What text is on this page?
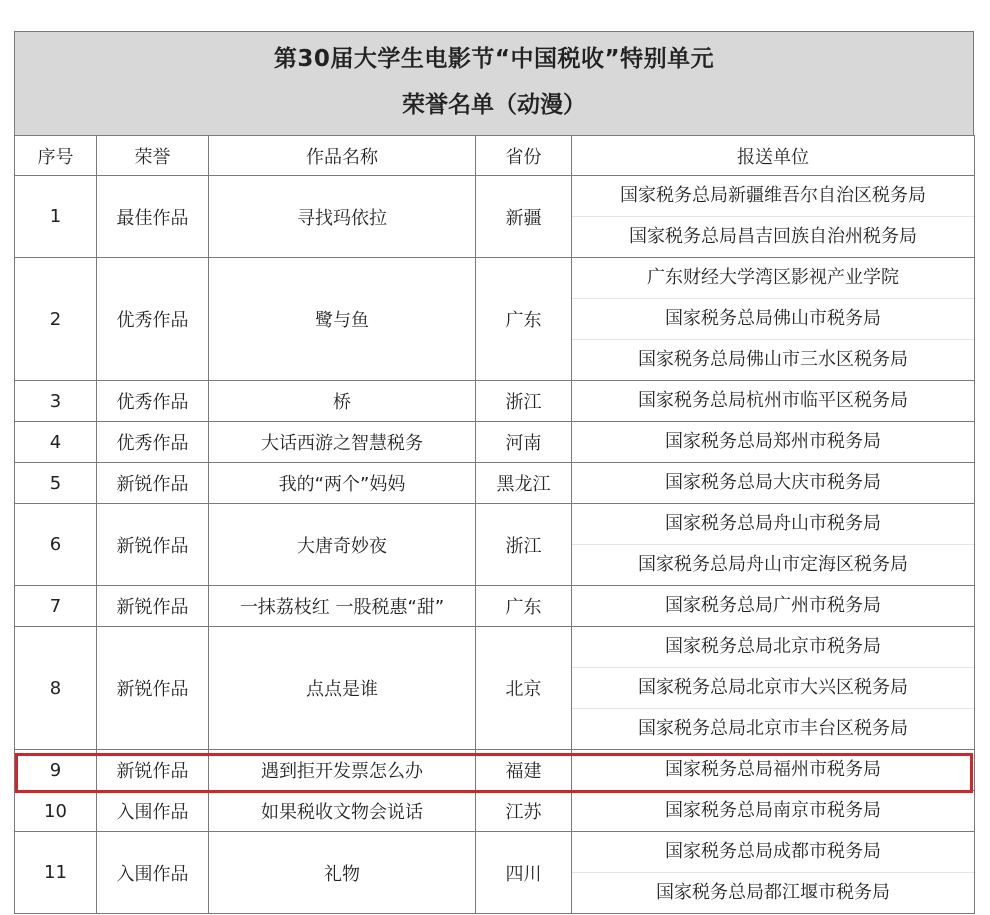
第30届大学生电影节“中国税收”特别单元
荣誉名单（动漫）
序号	荣誉	作品名称	省份	报送单位
1	最佳作品	寻找玛依拉	新疆	国家税务总局新疆维吾尔自治区税务局
国家税务总局昌吉回族自治州税务局

2	优秀作品	鹭与鱼	广东	广东财经大学湾区影视产业学院
国家税务总局佛山市税务局
国家税务总局佛山市三水区税务局

3	优秀作品	桥	浙江	国家税务总局杭州市临平区税务局

4	优秀作品	大话西游之智慧税务	河南	国家税务总局郑州市税务局

5	新锐作品	我的“两个”妈妈	黑龙江	国家税务总局大庆市税务局

6	新锐作品	大唐奇妙夜	浙江	国家税务总局舟山市税务局
国家税务总局舟山市定海区税务局

7	新锐作品	一抹荔枝红 一股税惠“甜”	广东	国家税务总局广州市税务局

8	新锐作品	点点是谁	北京	国家税务总局北京市税务局
国家税务总局北京市大兴区税务局
国家税务总局北京市丰台区税务局

9	新锐作品	遇到拒开发票怎么办	福建	国家税务总局福州市税务局

10	入围作品	如果税收文物会说话	江苏	国家税务总局南京市税务局

11	入围作品	礼物	四川	国家税务总局成都市税务局
国家税务总局都江堰市税务局
